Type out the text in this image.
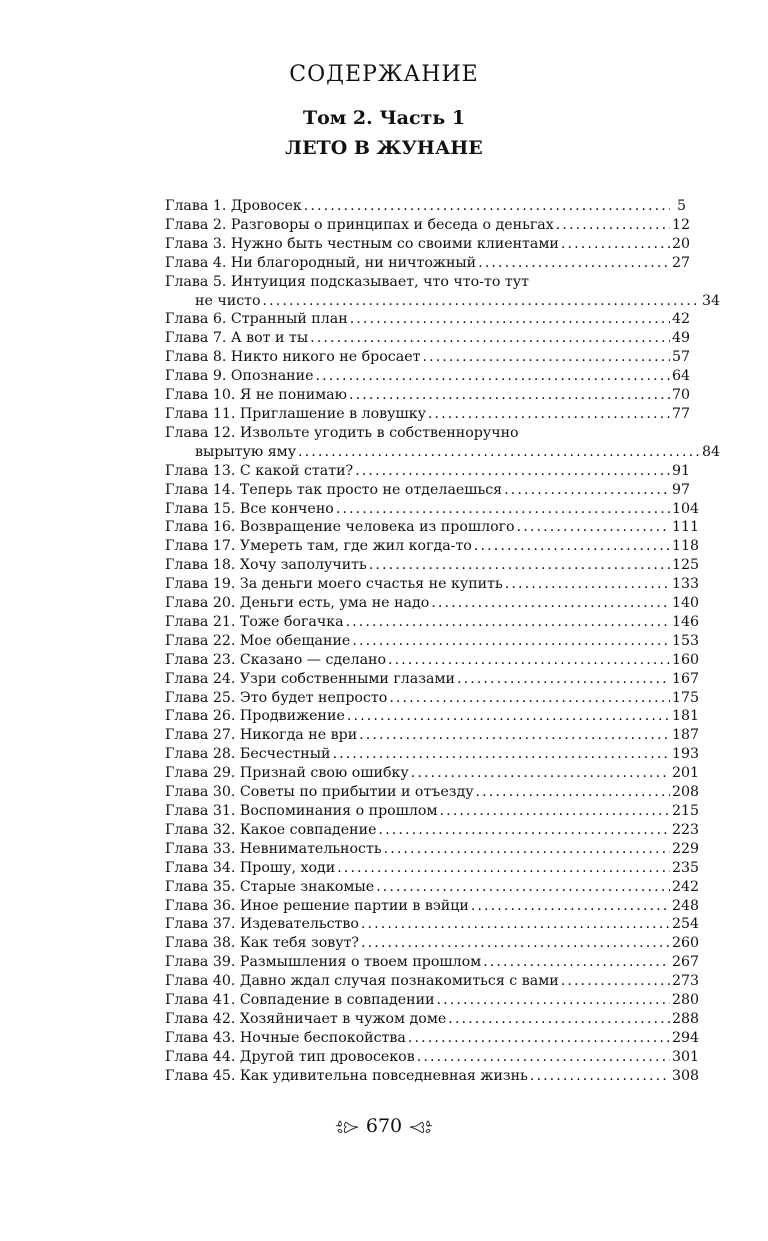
СОДЕРЖАНИЕ
Том 2. Часть 1
ЛЕТО В ЖУНАНЕ
Глава 1. Дровосек . . .	5
Глава 2. Разговоры о принципах и беседа о деньгах . . .	12
Глава 3. Нужно быть честным со своими клиентами . . .	20
Глава 4. Ни благородный, ни ничтожный . . .	27
Глава 5. Интуиция подсказывает, что что-то тут
не чисто . . .	34
Глава 6. Странный план . . .	42
Глава 7. А вот и ты . . .	49
Глава 8. Никто никого не бросает . . .	57
Глава 9. Опознание . . .	64
Глава 10. Я не понимаю . . .	70
Глава 11. Приглашение в ловушку . . .	77
Глава 12. Извольте угодить в собственноручно
вырытую яму . . .	84
Глава 13. С какой стати? . . .	91
Глава 14. Теперь так просто не отделаешься . . .	97
Глава 15. Все кончено . . .	104
Глава 16. Возвращение человека из прошлого . . .	111
Глава 17. Умереть там, где жил когда-то . . .	118
Глава 18. Хочу заполучить . . .	125
Глава 19. За деньги моего счастья не купить . . .	133
Глава 20. Деньги есть, ума не надо . . .	140
Глава 21. Тоже богачка . . .	146
Глава 22. Мое обещание . . .	153
Глава 23. Сказано — сделано . . .	160
Глава 24. Узри собственными глазами . . .	167
Глава 25. Это будет непросто . . .	175
Глава 26. Продвижение . . .	181
Глава 27. Никогда не ври . . .	187
Глава 28. Бесчестный . . .	193
Глава 29. Признай свою ошибку . . .	201
Глава 30. Советы по прибытии и отъезду . . .	208
Глава 31. Воспоминания о прошлом . . .	215
Глава 32. Какое совпадение . . .	223
Глава 33. Невнимательность . . .	229
Глава 34. Прошу, ходи . . .	235
Глава 35. Старые знакомые . . .	242
Глава 36. Иное решение партии в вэйци . . .	248
Глава 37. Издевательство . . .	254
Глава 38. Как тебя зовут? . . .	260
Глава 39. Размышления о твоем прошлом . . .	267
Глава 40. Давно ждал случая познакомиться с вами . . .	273
Глава 41. Совпадение в совпадении . . .	280
Глава 42. Хозяйничает в чужом доме . . .	288
Глава 43. Ночные беспокойства . . .	294
Глава 44. Другой тип дровосеков . . .	301
Глава 45. Как удивительна повседневная жизнь . . .	308
670
